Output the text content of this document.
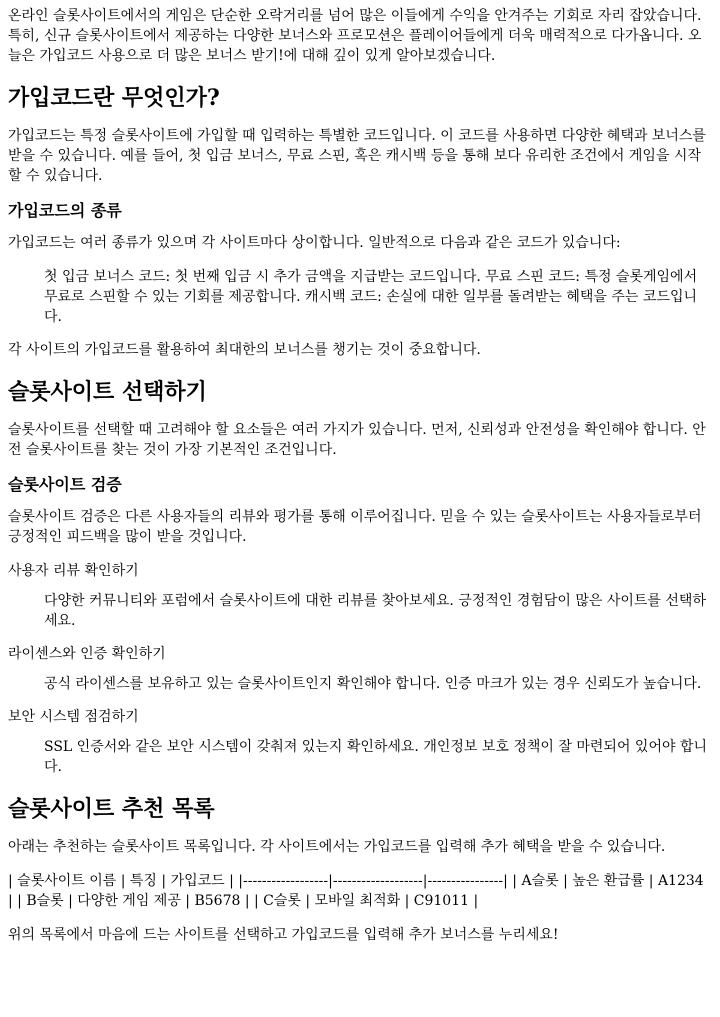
온라인 슬롯사이트에서의 게임은 단순한 오락거리를 넘어 많은 이들에게 수익을 안겨주는 기회로 자리 잡았습니다. 특히, 신규 슬롯사이트에서 제공하는 다양한 보너스와 프로모션은 플레이어들에게 더욱 매력적으로 다가옵니다. 오늘은 가입코드 사용으로 더 많은 보너스 받기!에 대해 깊이 있게 알아보겠습니다.

가입코드란 무엇인가?

가입코드는 특정 슬롯사이트에 가입할 때 입력하는 특별한 코드입니다. 이 코드를 사용하면 다양한 혜택과 보너스를 받을 수 있습니다. 예를 들어, 첫 입금 보너스, 무료 스핀, 혹은 캐시백 등을 통해 보다 유리한 조건에서 게임을 시작할 수 있습니다.

가입코드의 종류

가입코드는 여러 종류가 있으며 각 사이트마다 상이합니다. 일반적으로 다음과 같은 코드가 있습니다:

첫 입금 보너스 코드: 첫 번째 입금 시 추가 금액을 지급받는 코드입니다. 무료 스핀 코드: 특정 슬롯게임에서 무료로 스핀할 수 있는 기회를 제공합니다. 캐시백 코드: 손실에 대한 일부를 돌려받는 혜택을 주는 코드입니다.

각 사이트의 가입코드를 활용하여 최대한의 보너스를 챙기는 것이 중요합니다.

슬롯사이트 선택하기

슬롯사이트를 선택할 때 고려해야 할 요소들은 여러 가지가 있습니다. 먼저, 신뢰성과 안전성을 확인해야 합니다. 안전 슬롯사이트를 찾는 것이 가장 기본적인 조건입니다.

슬롯사이트 검증

슬롯사이트 검증은 다른 사용자들의 리뷰와 평가를 통해 이루어집니다. 믿을 수 있는 슬롯사이트는 사용자들로부터 긍정적인 피드백을 많이 받을 것입니다.

사용자 리뷰 확인하기

다양한 커뮤니티와 포럼에서 슬롯사이트에 대한 리뷰를 찾아보세요. 긍정적인 경험담이 많은 사이트를 선택하세요.

라이센스와 인증 확인하기

공식 라이센스를 보유하고 있는 슬롯사이트인지 확인해야 합니다. 인증 마크가 있는 경우 신뢰도가 높습니다.

보안 시스템 점검하기

SSL 인증서와 같은 보안 시스템이 갖춰져 있는지 확인하세요. 개인정보 보호 정책이 잘 마련되어 있어야 합니다.

슬롯사이트 추천 목록

아래는 추천하는 슬롯사이트 목록입니다. 각 사이트에서는 가입코드를 입력해 추가 혜택을 받을 수 있습니다.

| 슬롯사이트 이름 | 특징 | 가입코드 | |------------------|-------------------|----------------| | A슬롯 | 높은 환급률 | A1234 | | B슬롯 | 다양한 게임 제공 | B5678 | | C슬롯 | 모바일 최적화 | C91011 |

위의 목록에서 마음에 드는 사이트를 선택하고 가입코드를 입력해 추가 보너스를 누리세요!
